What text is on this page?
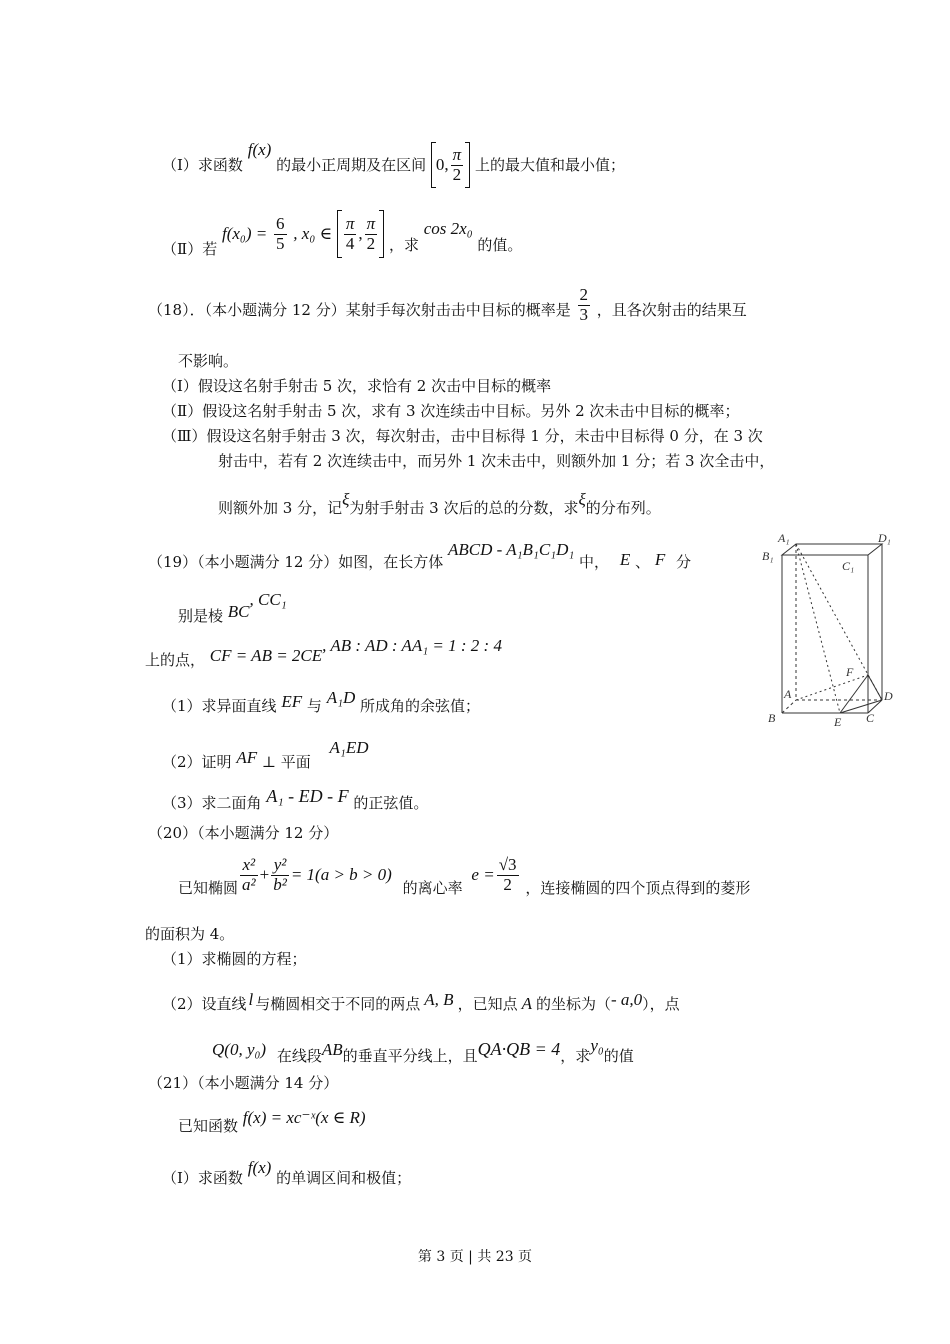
（Ⅰ）求函数 f(x) 的最小正周期及在区间 0, $\frac{\pi}{2}$ 上的最大值和最小值；
（Ⅱ）若 $f(x_0) = \frac{6}{5}$ , x₀ ∈ $\frac{\pi}{4}$ , $\frac{\pi}{2}$ ，求 cos 2x₀ 的值。
（18）．（本小题满分 12 分）某射手每次射击击中目标的概率是 $\frac{2}{3}$ ，且各次射击的结果互
不影响。
（Ⅰ）假设这名射手射击 5 次，求恰有 2 次击中目标的概率
（Ⅱ）假设这名射手射击 5 次，求有 3 次连续击中目标。另外 2 次未击中目标的概率；
（Ⅲ）假设这名射手射击 3 次，每次射击，击中目标得 1 分，未击中目标得 0 分，在 3 次
射击中，若有 2 次连续击中，而另外 1 次未击中，则额外加 1 分；若 3 次全击中，
则额外加 3 分，记ξ为射手射击 3 次后的总的分数，求ξ的分布列。
（19）（本小题满分 12 分）如图，在长方体 ABCD - A₁B₁C₁D₁ 中， E 、 F 分
别是棱 BC, CC₁
上的点， CF = AB = 2CE, AB : AD : AA₁ = 1 : 2 : 4
（1）求异面直线 EF 与 A₁D 所成角的余弦值；
（2）证明 AF ⊥ 平面 A₁ED
（3）求二面角 A₁ - ED - F 的正弦值。
A₁	D₁
B₁
C₁
F
A	D
B	E C
（20）（本小题满分 12 分）
已知椭圆 $\frac{\text{x²}}{\text{a²}} + \frac{\text{y²}}{\text{b²}} = 1(a > b > 0)$ 的离心率 $e = \frac{√3}{2}$ ，连接椭圆的四个顶点得到的菱形
的面积为 4。
（1）求椭圆的方程；
（2）设直线 l 与椭圆相交于不同的两点 A, B ，已知点 A 的坐标为（- a,0），点
Q(0, y₀) 在线段AB的垂直平分线上，且QA·QB = 4，求y₀的值
（21）（本小题满分 14 分）
已知函数 f(x) = xc⁻ˣ(x ∈ R)
（Ⅰ）求函数 f(x) 的单调区间和极值；
第 3 页 | 共 23 页
